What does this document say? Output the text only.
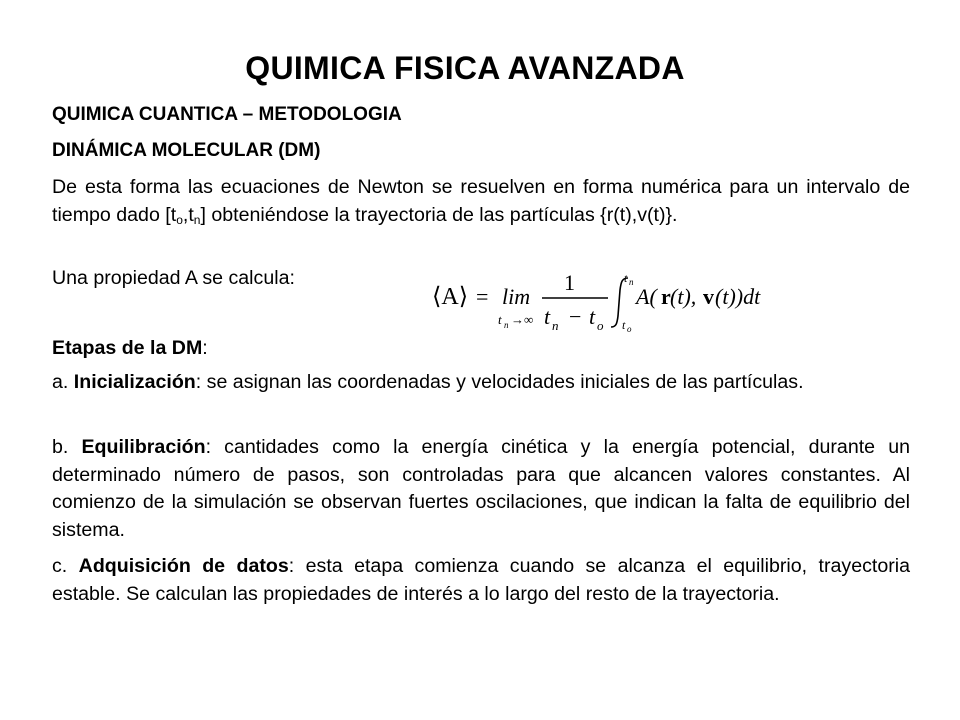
QUIMICA FISICA AVANZADA
QUIMICA CUANTICA – METODOLOGIA
DINÁMICA MOLECULAR (DM)
De esta forma las ecuaciones de Newton se resuelven en forma numérica para un intervalo de tiempo dado $[t_o,t_n]$ obteniéndose la trayectoria de las partículas {r(t),v(t)}.
Una propiedad A se calcula:
⟨A⟩ = lim
t n →∞
1
t n − t o
t n
t o
A( r (t), v (t))dt
Etapas de la DM:
a. Inicialización: se asignan las coordenadas y velocidades iniciales de las partículas.
b. Equilibración: cantidades como la energía cinética y la energía potencial, durante un determinado número de pasos, son controladas para que alcancen valores constantes. Al comienzo de la simulación se observan fuertes oscilaciones, que indican la falta de equilibrio del sistema.
c. Adquisición de datos: esta etapa comienza cuando se alcanza el equilibrio, trayectoria estable. Se calculan las propiedades de interés a lo largo del resto de la trayectoria.
